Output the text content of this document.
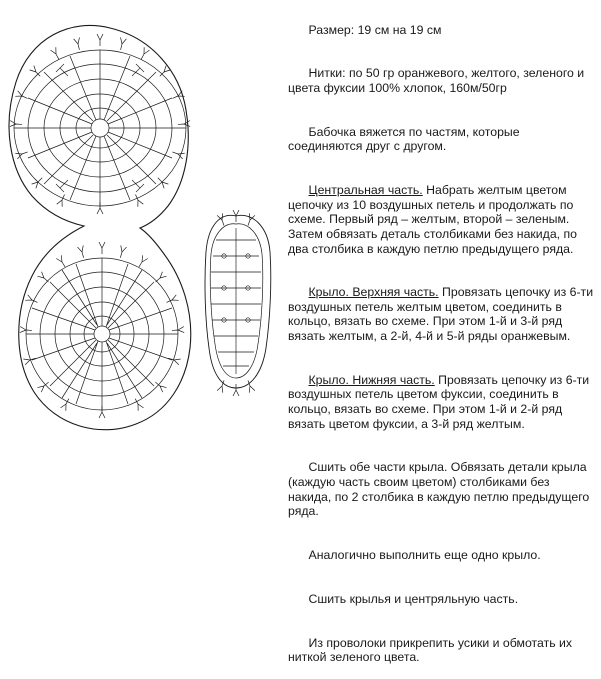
Размер: 19 см на 19 см

Нитки: по 50 гр оранжевого, желтого, зеленого и цвета фуксии 100% хлопок, 160м/50гр

Бабочка вяжется по частям, которые соединяются друг с другом.

Центральная часть. Набрать желтым цветом цепочку из 10 воздушных петель и продолжать по схеме. Первый ряд – желтым, второй – зеленым. Затем обвязать деталь столбиками без накида, по два столбика в каждую петлю предыдущего ряда.

Крыло. Верхняя часть. Провязать цепочку из 6-ти воздушных петель желтым цветом, соединить в кольцо, вязать во схеме. При этом 1-й и 3-й ряд вязать желтым, а 2-й, 4-й и 5-й ряды оранжевым.

Крыло. Нижняя часть. Провязать цепочку из 6-ти воздушных петель цветом фуксии, соединить в кольцо, вязать во схеме. При этом 1-й и 2-й ряд вязать цветом фуксии, а 3-й ряд желтым.

Сшить обе части крыла. Обвязать детали крыла (каждую часть своим цветом) столбиками без накида, по 2 столбика в каждую петлю предыдущего ряда.

Аналогично выполнить еще одно крыло.

Сшить крылья и центряльную часть.

Из проволоки прикрепить усики и обмотать их ниткой зеленого цвета.
